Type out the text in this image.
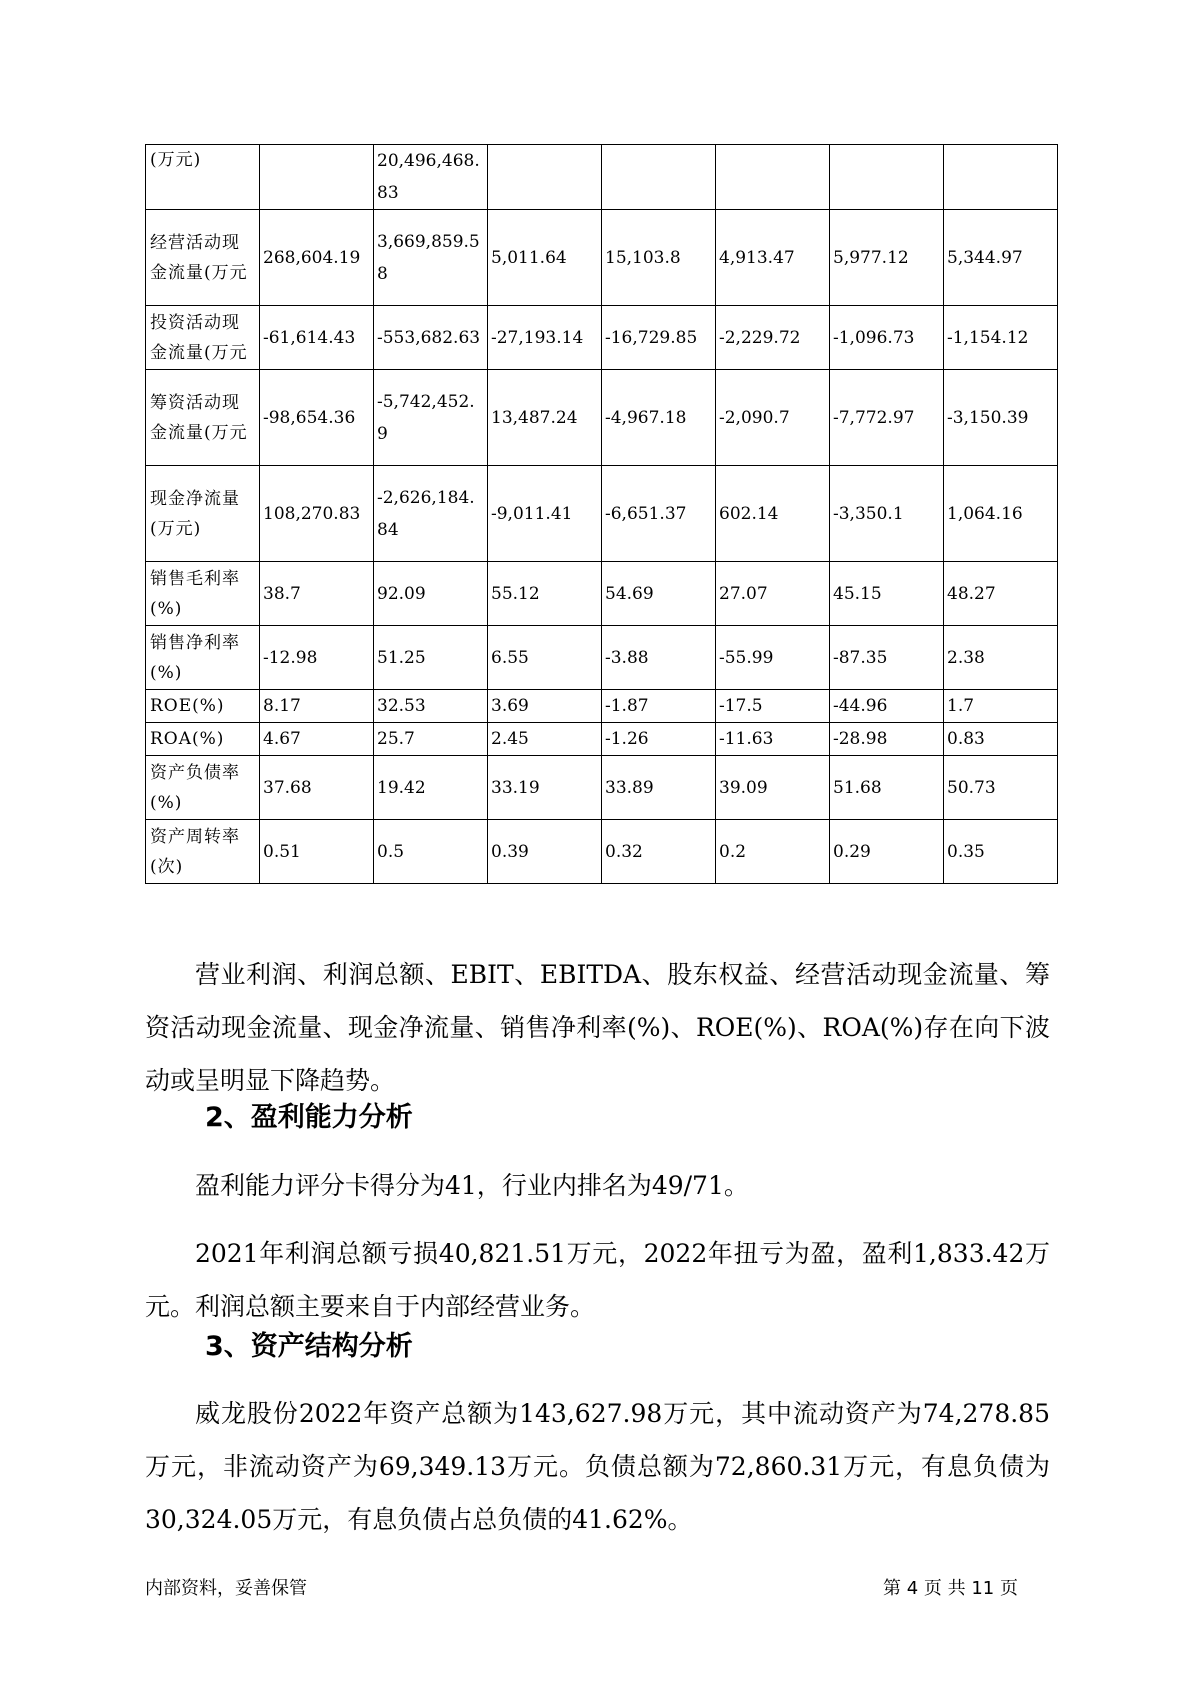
(万元)		20,496,468.83					
经营活动现金流量(万元	268,604.19	3,669,859.58	5,011.64	15,103.8	4,913.47	5,977.12	5,344.97
投资活动现金流量(万元	-61,614.43	-553,682.63	-27,193.14	-16,729.85	-2,229.72	-1,096.73	-1,154.12
筹资活动现金流量(万元	-98,654.36	-5,742,452.9	13,487.24	-4,967.18	-2,090.7	-7,772.97	-3,150.39
现金净流量(万元)	108,270.83	-2,626,184.84	-9,011.41	-6,651.37	602.14	-3,350.1	1,064.16
销售毛利率(%)	38.7	92.09	55.12	54.69	27.07	45.15	48.27
销售净利率(%)	-12.98	51.25	6.55	-3.88	-55.99	-87.35	2.38
ROE(%)	8.17	32.53	3.69	-1.87	-17.5	-44.96	1.7
ROA(%)	4.67	25.7	2.45	-1.26	-11.63	-28.98	0.83
资产负债率(%)	37.68	19.42	33.19	33.89	39.09	51.68	50.73
资产周转率(次)	0.51	0.5	0.39	0.32	0.2	0.29	0.35

营业利润、利润总额、EBIT、EBITDA、股东权益、经营活动现金流量、筹资活动现金流量、现金净流量、销售净利率(%)、ROE(%)、ROA(%)存在向下波动或呈明显下降趋势。

2、盈利能力分析

盈利能力评分卡得分为41，行业内排名为49/71。

2021年利润总额亏损40,821.51万元，2022年扭亏为盈，盈利1,833.42万元。利润总额主要来自于内部经营业务。

3、资产结构分析

威龙股份2022年资产总额为143,627.98万元，其中流动资产为74,278.85万元，非流动资产为69,349.13万元。负债总额为72,860.31万元，有息负债为30,324.05万元，有息负债占总负债的41.62%。

内部资料，妥善保管	第 4 页 共 11 页
